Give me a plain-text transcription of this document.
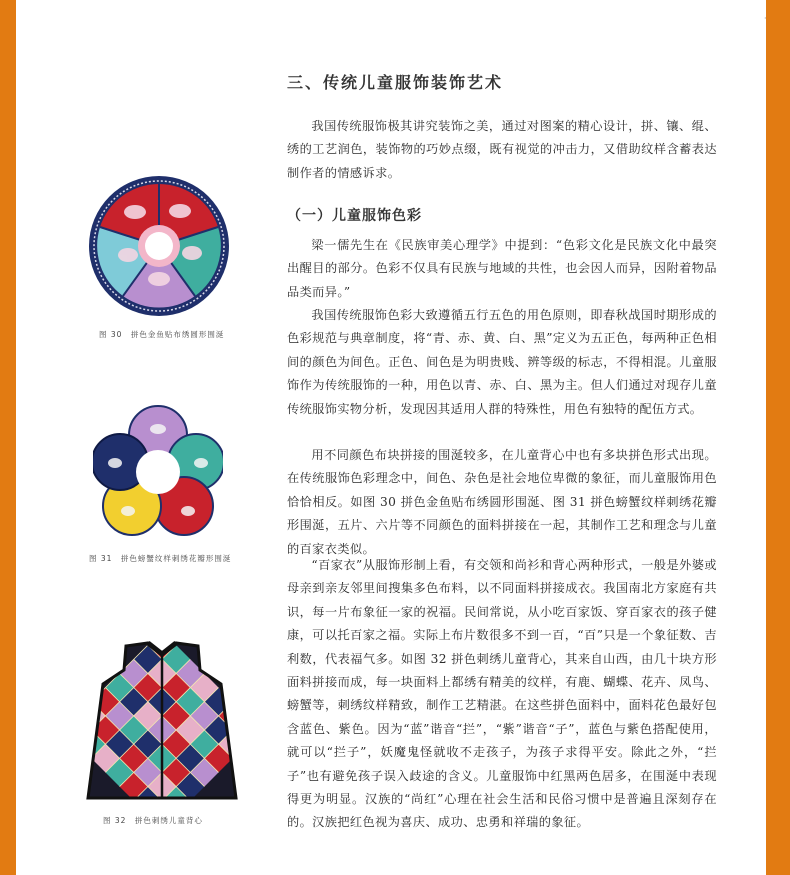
·
三、传统儿童服饰装饰艺术

我国传统服饰极其讲究装饰之美，通过对图案的精心设计，拼、镶、绲、绣的工艺润色，装饰物的巧妙点缀，既有视觉的冲击力，又借助纹样含蓄表达制作者的情感诉求。

（一）儿童服饰色彩

梁一儒先生在《民族审美心理学》中提到：“色彩文化是民族文化中最突出醒目的部分。色彩不仅具有民族与地域的共性，也会因人而异，因附着物品品类而异。”

我国传统服饰色彩大致遵循五行五色的用色原则，即春秋战国时期形成的色彩规范与典章制度，将“青、赤、黄、白、黑”定义为五正色，每两种正色相间的颜色为间色。正色、间色是为明贵贱、辨等级的标志，不得相混。儿童服饰作为传统服饰的一种，用色以青、赤、白、黑为主。但人们通过对现存儿童传统服饰实物分析，发现因其适用人群的特殊性，用色有独特的配伍方式。

用不同颜色布块拼接的围涎较多，在儿童背心中也有多块拼色形式出现。在传统服饰色彩理念中，间色、杂色是社会地位卑微的象征，而儿童服饰用色恰恰相反。如图 30 拼色金鱼贴布绣圆形围涎、图 31 拼色螃蟹纹样刺绣花瓣形围涎，五片、六片等不同颜色的面料拼接在一起，其制作工艺和理念与儿童的百家衣类似。

“百家衣”从服饰形制上看，有交领和尚衫和背心两种形式，一般是外婆或母亲到亲友邻里间搜集多色布料，以不同面料拼接成衣。我国南北方家庭有共识，每一片布象征一家的祝福。民间常说，从小吃百家饭、穿百家衣的孩子健康，可以托百家之福。实际上布片数很多不到一百，“百”只是一个象征数、吉利数，代表福气多。如图 32 拼色刺绣儿童背心，其来自山西，由几十块方形面料拼接而成，每一块面料上都绣有精美的纹样，有鹿、蝴蝶、花卉、凤鸟、螃蟹等，刺绣纹样精致，制作工艺精湛。在这些拼色面料中，面料花色最好包含蓝色、紫色。因为“蓝”谐音“拦”，“紫”谐音“子”，蓝色与紫色搭配使用，就可以“拦子”，妖魔鬼怪就收不走孩子，为孩子求得平安。除此之外，“拦子”也有避免孩子误入歧途的含义。儿童服饰中红黑两色居多，在围涎中表现得更为明显。汉族的“尚红”心理在社会生活和民俗习惯中是普遍且深刻存在的。汉族把红色视为喜庆、成功、忠勇和祥瑞的象征。

图 30　拼色金鱼贴布绣圆形围涎
图 31　拼色螃蟹纹样刺绣花瓣形围涎
图 32　拼色刺绣儿童背心
